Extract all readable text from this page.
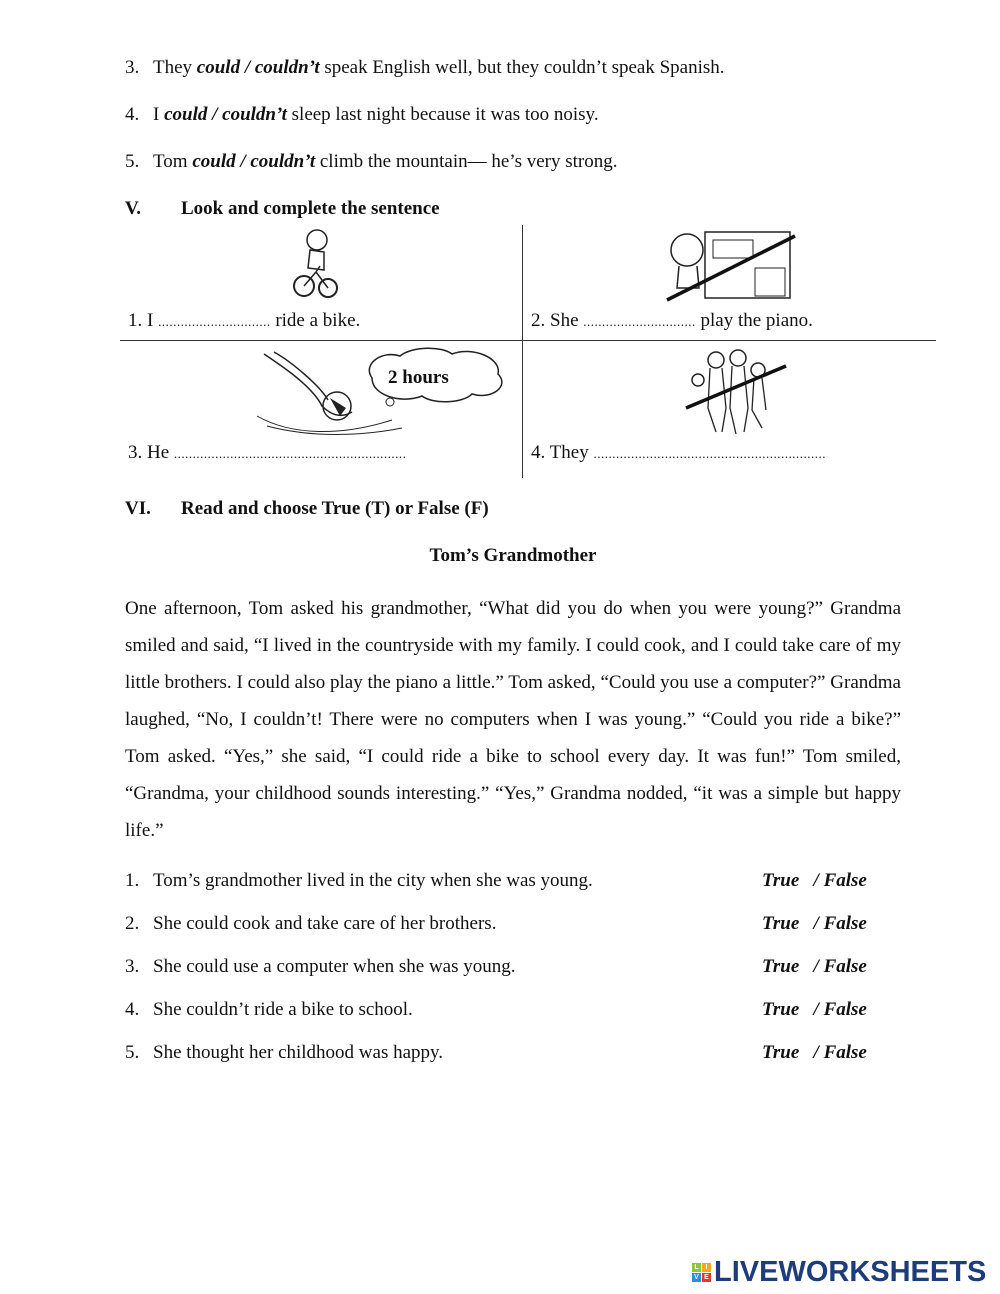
3. They could / couldn’t speak English well, but they couldn’t speak Spanish.
4. I could / couldn’t sleep last night because it was too noisy.
5. Tom could / couldn’t climb the mountain— he’s very strong.
V. Look and complete the sentence
1. I .............................. ride a bike.	2. She .............................. play the piano.
2 hours
3. He ..............................................................	4. They ..............................................................
VI. Read and choose True (T) or False (F)
Tom’s Grandmother
One afternoon, Tom asked his grandmother, “What did you do when you were young?” Grandma smiled and said, “I lived in the countryside with my family. I could cook, and I could take care of my little brothers. I could also play the piano a little.” Tom asked, “Could you use a computer?” Grandma laughed, “No, I couldn’t! There were no computers when I was young.” “Could you ride a bike?” Tom asked. “Yes,” she said, “I could ride a bike to school every day. It was fun!” Tom smiled, “Grandma, your childhood sounds interesting.” “Yes,” Grandma nodded, “it was a simple but happy life.”
1. Tom’s grandmother lived in the city when she was young.	True   / False
2. She could cook and take care of her brothers.	True   / False
3. She could use a computer when she was young.	True   / False
4. She couldn’t ride a bike to school.	True   / False
5. She thought her childhood was happy.	True   / False
L I
V E LIVEWORKSHEETS
